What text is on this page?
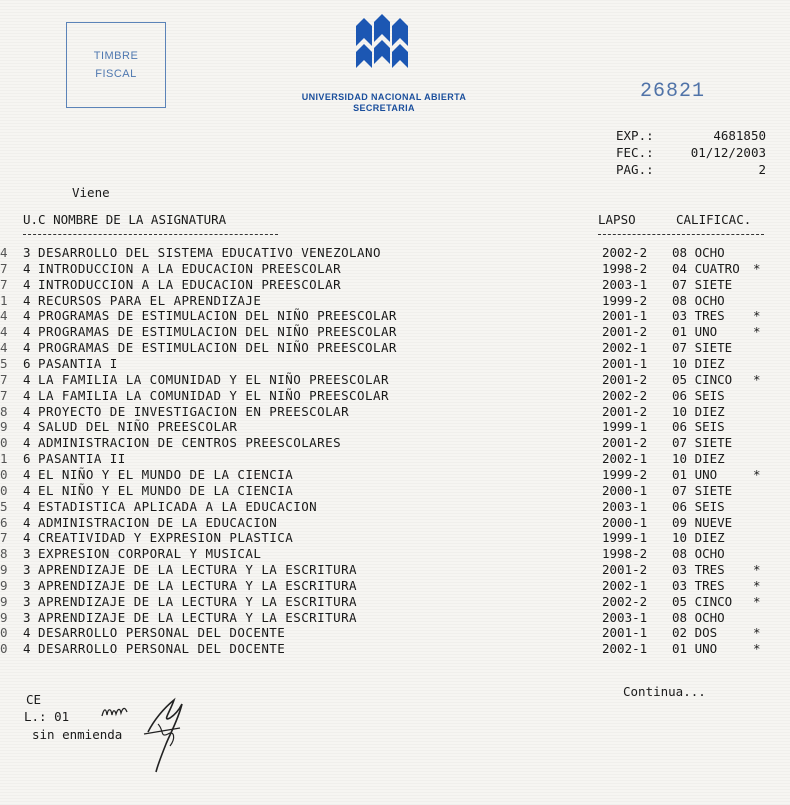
TIMBRE
FISCAL
UNIVERSIDAD NACIONAL ABIERTA
SECRETARIA
26821
EXP.:	4681850
FEC.:	01/12/2003
PAG.:	2
Viene
U.C NOMBRE DE LA ASIGNATURA	LAPSO	CALIFICAC.
4 3 DESARROLLO DEL SISTEMA EDUCATIVO VENEZOLANO	2002-2 08 OCHO
7 4 INTRODUCCION A LA EDUCACION PREESCOLAR	1998-2 04 CUATRO *
7 4 INTRODUCCION A LA EDUCACION PREESCOLAR	2003-1 07 SIETE
1 4 RECURSOS PARA EL APRENDIZAJE	1999-2 08 OCHO
4 4 PROGRAMAS DE ESTIMULACION DEL NIÑO PREESCOLAR	2001-1 03 TRES *
4 4 PROGRAMAS DE ESTIMULACION DEL NIÑO PREESCOLAR	2001-2 01 UNO	*
4 4 PROGRAMAS DE ESTIMULACION DEL NIÑO PREESCOLAR	2002-1 07 SIETE
5 6 PASANTIA I	2001-1 10 DIEZ
7 4 LA FAMILIA LA COMUNIDAD Y EL NIÑO PREESCOLAR	2001-2 05 CINCO *
7 4 LA FAMILIA LA COMUNIDAD Y EL NIÑO PREESCOLAR	2002-2 06 SEIS
8 4 PROYECTO DE INVESTIGACION EN PREESCOLAR	2001-2 10 DIEZ
9 4 SALUD DEL NIÑO PREESCOLAR	1999-1 06 SEIS
0 4 ADMINISTRACION DE CENTROS PREESCOLARES	2001-2 07 SIETE
1 6 PASANTIA II	2002-1 10 DIEZ
0 4 EL NIÑO Y EL MUNDO DE LA CIENCIA	1999-2 01 UNO	*
0 4 EL NIÑO Y EL MUNDO DE LA CIENCIA	2000-1 07 SIETE
5 4 ESTADISTICA APLICADA A LA EDUCACION	2003-1 06 SEIS
6 4 ADMINISTRACION DE LA EDUCACION	2000-1 09 NUEVE
7 4 CREATIVIDAD Y EXPRESION PLASTICA	1999-1 10 DIEZ
8 3 EXPRESION CORPORAL Y MUSICAL	1998-2 08 OCHO
9 3 APRENDIZAJE DE LA LECTURA Y LA ESCRITURA	2001-2 03 TRES *
9 3 APRENDIZAJE DE LA LECTURA Y LA ESCRITURA	2002-1 03 TRES *
9 3 APRENDIZAJE DE LA LECTURA Y LA ESCRITURA	2002-2 05 CINCO *
9 3 APRENDIZAJE DE LA LECTURA Y LA ESCRITURA	2003-1 08 OCHO
0 4 DESARROLLO PERSONAL DEL DOCENTE	2001-1 02 DOS	*
0 4 DESARROLLO PERSONAL DEL DOCENTE	2002-1 01 UNO	*
Continua...
CE
L.: 01
sin enmienda
